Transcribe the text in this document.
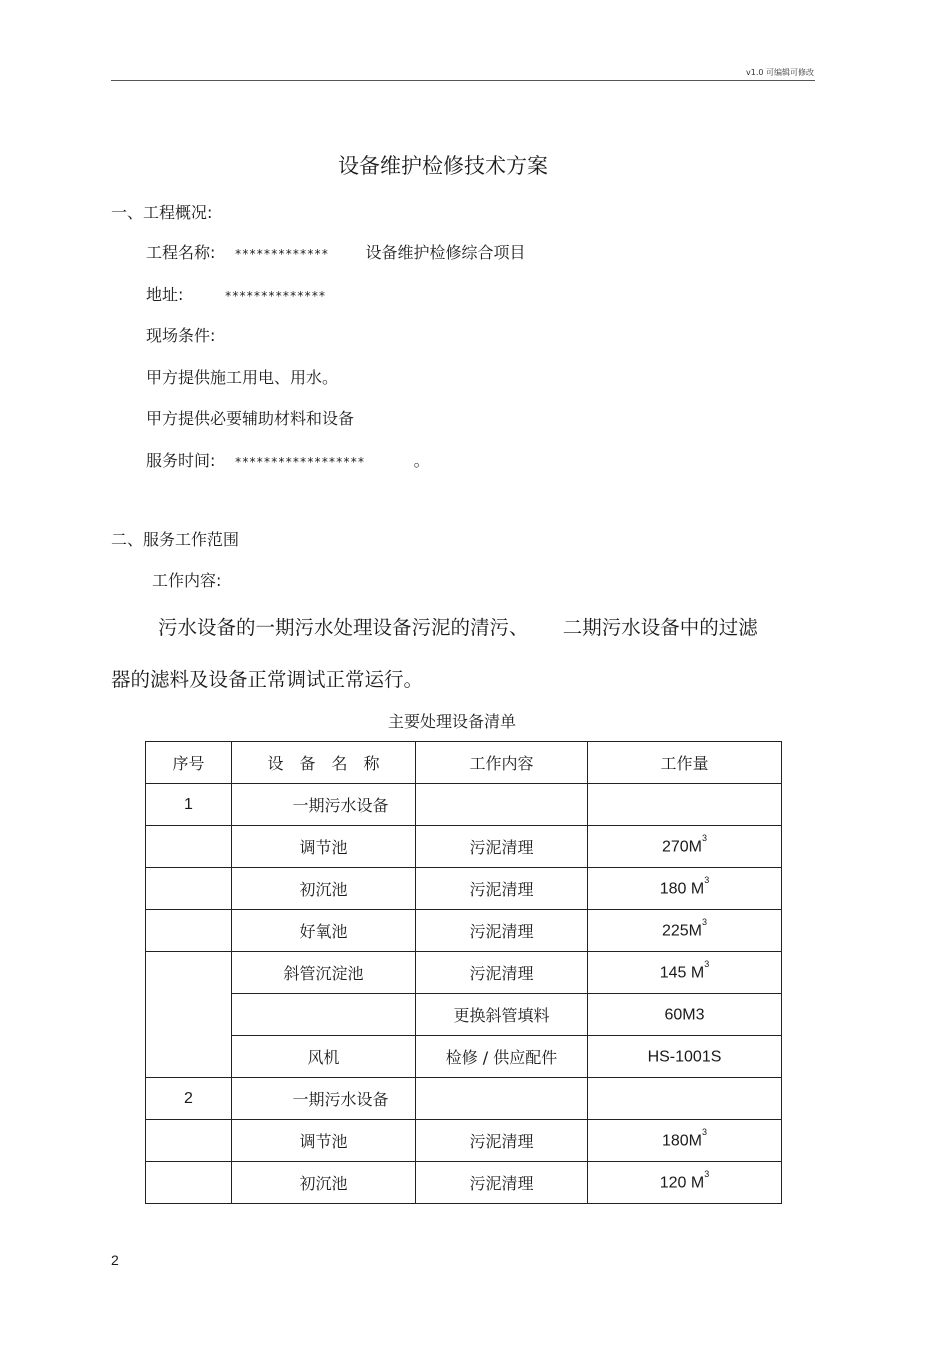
v1.0 可编辑可修改
设备维护检修技术方案
一、工程概况:
工程名称: ************* 设备维护检修综合项目
地址:	**************
现场条件:
甲方提供施工用电、用水。
甲方提供必要辅助材料和设备
服务时间: ******************	。
二、服务工作范围
工作内容:
污水设备的一期污水处理设备污泥的清污、 二期污水设备中的过滤
器的滤料及设备正常调试正常运行。
主要处理设备清单
序号	设　备　名　称	工作内容	工作量
1	一期污水设备		
	调节池	污泥清理	$270M^3$
	初沉池	污泥清理	180 $M^3$
	好氧池	污泥清理	$225M^3$
	斜管沉淀池	污泥清理	145 $M^3$
		更换斜管填料	60M3
	风机	检修 / 供应配件	HS-1001S
2	一期污水设备		
	调节池	污泥清理	$180M^3$
	初沉池	污泥清理	120 $M^3$
2
